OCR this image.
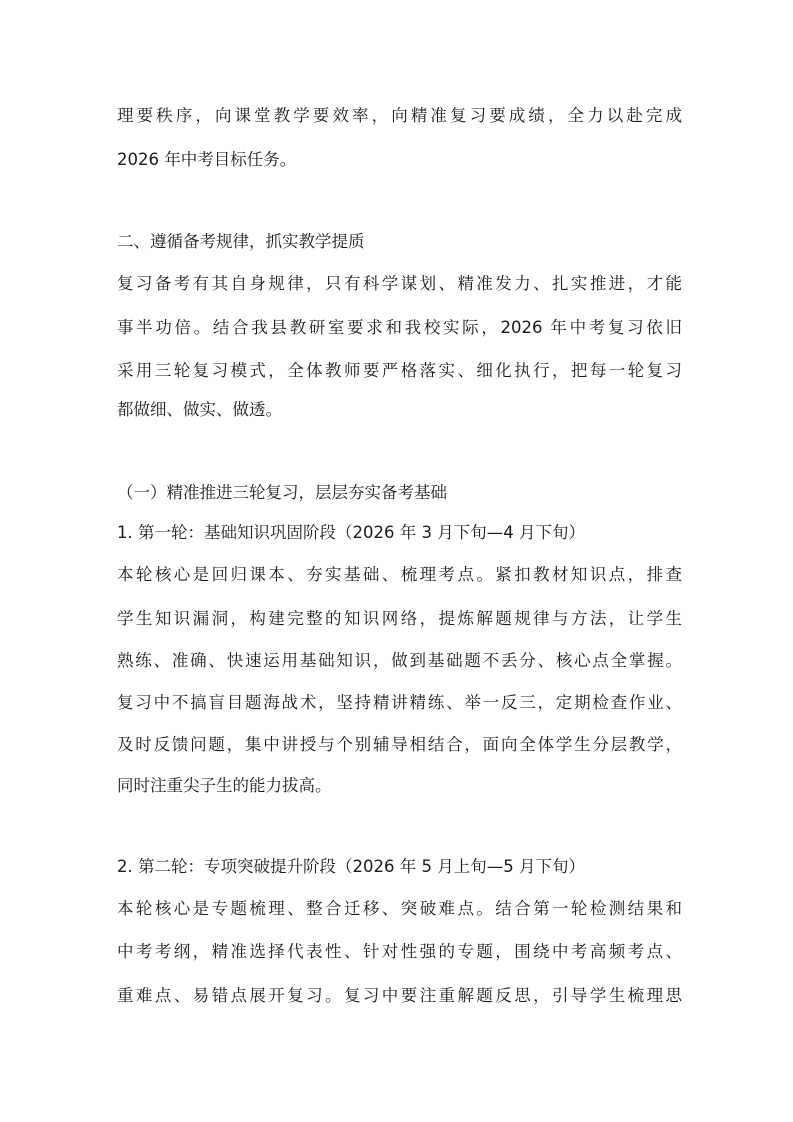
理要秩序，向课堂教学要效率，向精准复习要成绩，全力以赴完成
2026 年中考目标任务。
二、遵循备考规律，抓实教学提质
复习备考有其自身规律，只有科学谋划、精准发力、扎实推进，才能
事半功倍。结合我县教研室要求和我校实际，2026 年中考复习依旧
采用三轮复习模式，全体教师要严格落实、细化执行，把每一轮复习
都做细、做实、做透。
（一）精准推进三轮复习，层层夯实备考基础
1. 第一轮：基础知识巩固阶段（2026 年 3 月下旬—4 月下旬）
本轮核心是回归课本、夯实基础、梳理考点。紧扣教材知识点，排查
学生知识漏洞，构建完整的知识网络，提炼解题规律与方法，让学生
熟练、准确、快速运用基础知识，做到基础题不丢分、核心点全掌握。
复习中不搞盲目题海战术，坚持精讲精练、举一反三，定期检查作业、
及时反馈问题，集中讲授与个别辅导相结合，面向全体学生分层教学，
同时注重尖子生的能力拔高。
2. 第二轮：专项突破提升阶段（2026 年 5 月上旬—5 月下旬）
本轮核心是专题梳理、整合迁移、突破难点。结合第一轮检测结果和
中考考纲，精准选择代表性、针对性强的专题，围绕中考高频考点、
重难点、易错点展开复习。复习中要注重解题反思，引导学生梳理思
